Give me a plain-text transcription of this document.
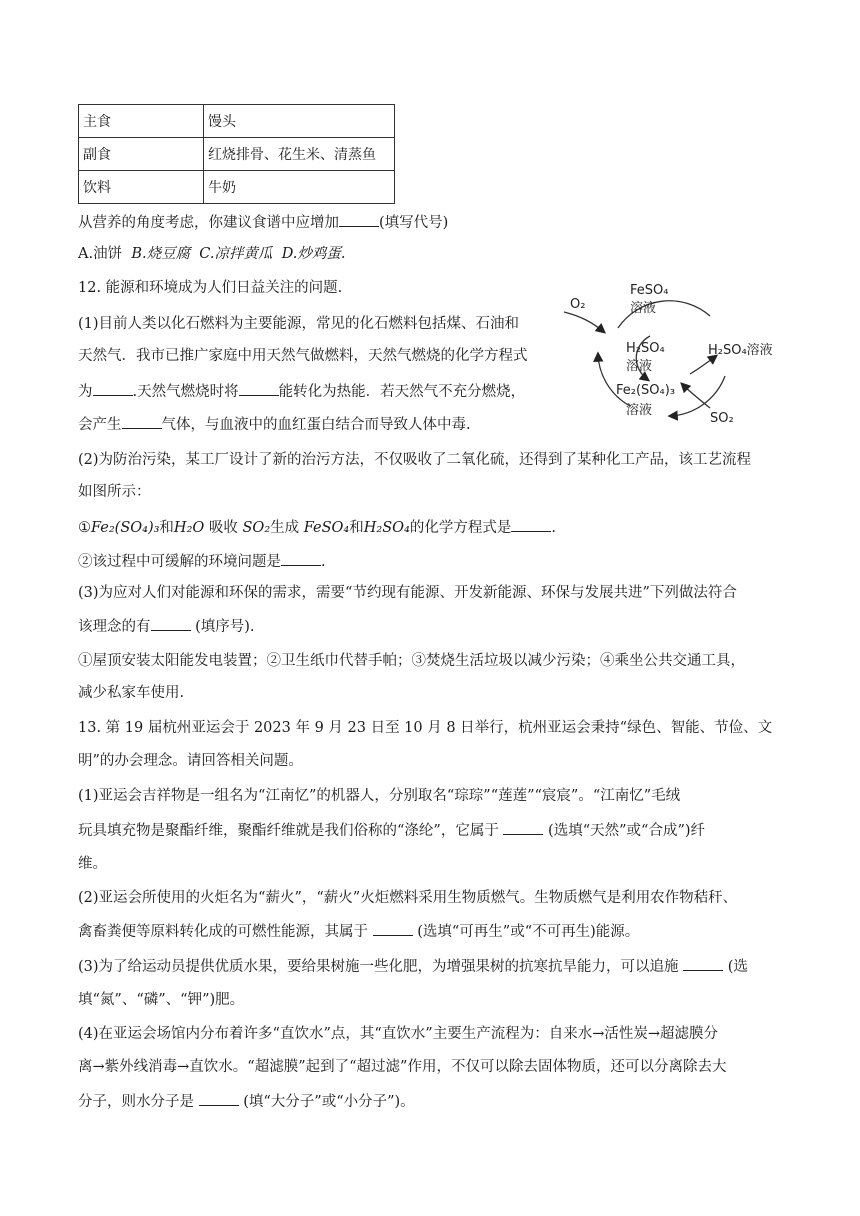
主食	馒头
副食	红烧排骨、花生米、清蒸鱼
饮料	牛奶
从营养的角度考虑，你建议食谱中应增加	(填写代号)
A.油饼 B.烧豆腐 C.凉拌黄瓜 D.炒鸡蛋.
12. 能源和环境成为人们日益关注的问题.
(1)目前人类以化石燃料为主要能源，常见的化石燃料包括煤、石油和
天然气．我市已推广家庭中用天然气做燃料，天然气燃烧的化学方程式
为	.天然气燃烧时将	能转化为热能．若天然气不充分燃烧，
会产生	气体，与血液中的血红蛋白结合而导致人体中毒.
FeSO₄
溶液
O₂
H₂SO₄
溶液
H₂SO₄溶液
Fe₂(SO₄)₃
溶液
SO₂
(2)为防治污染，某工厂设计了新的治污方法，不仅吸收了二氧化硫，还得到了某种化工产品，该工艺流程
如图所示：
①Fe₂(SO₄)₃和H₂O 吸收 SO₂生成 FeSO₄和H₂SO₄的化学方程式是	.
②该过程中可缓解的环境问题是	.
(3)为应对人们对能源和环保的需求，需要“节约现有能源、开发新能源、环保与发展共进”下列做法符合
该理念的有	(填序号).
①屋顶安装太阳能发电装置；②卫生纸巾代替手帕；③焚烧生活垃圾以减少污染；④乘坐公共交通工具，
减少私家车使用.
13. 第 19 届杭州亚运会于 2023 年 9 月 23 日至 10 月 8 日举行，杭州亚运会秉持“绿色、智能、节俭、文
明”的办会理念。请回答相关问题。
(1)亚运会吉祥物是一组名为“江南忆”的机器人，分别取名“琮琮”“莲莲”“宸宸”。“江南忆”毛绒
玩具填充物是聚酯纤维，聚酯纤维就是我们俗称的“涤纶”，它属于	(选填“天然”或“合成”)纤
维。
(2)亚运会所使用的火炬名为“薪火”，“薪火”火炬燃料采用生物质燃气。生物质燃气是利用农作物秸秆、
禽畜粪便等原料转化成的可燃性能源，其属于	(选填“可再生”或“不可再生)能源。
(3)为了给运动员提供优质水果，要给果树施一些化肥，为增强果树的抗寒抗旱能力，可以追施	(选
填“氮”、“磷”、“钾”)肥。
(4)在亚运会场馆内分布着许多“直饮水”点，其“直饮水”主要生产流程为：自来水→活性炭→超滤膜分
离→紫外线消毒→直饮水。“超滤膜”起到了“超过滤”作用，不仅可以除去固体物质，还可以分离除去大
分子，则水分子是	(填“大分子”或“小分子”)。
